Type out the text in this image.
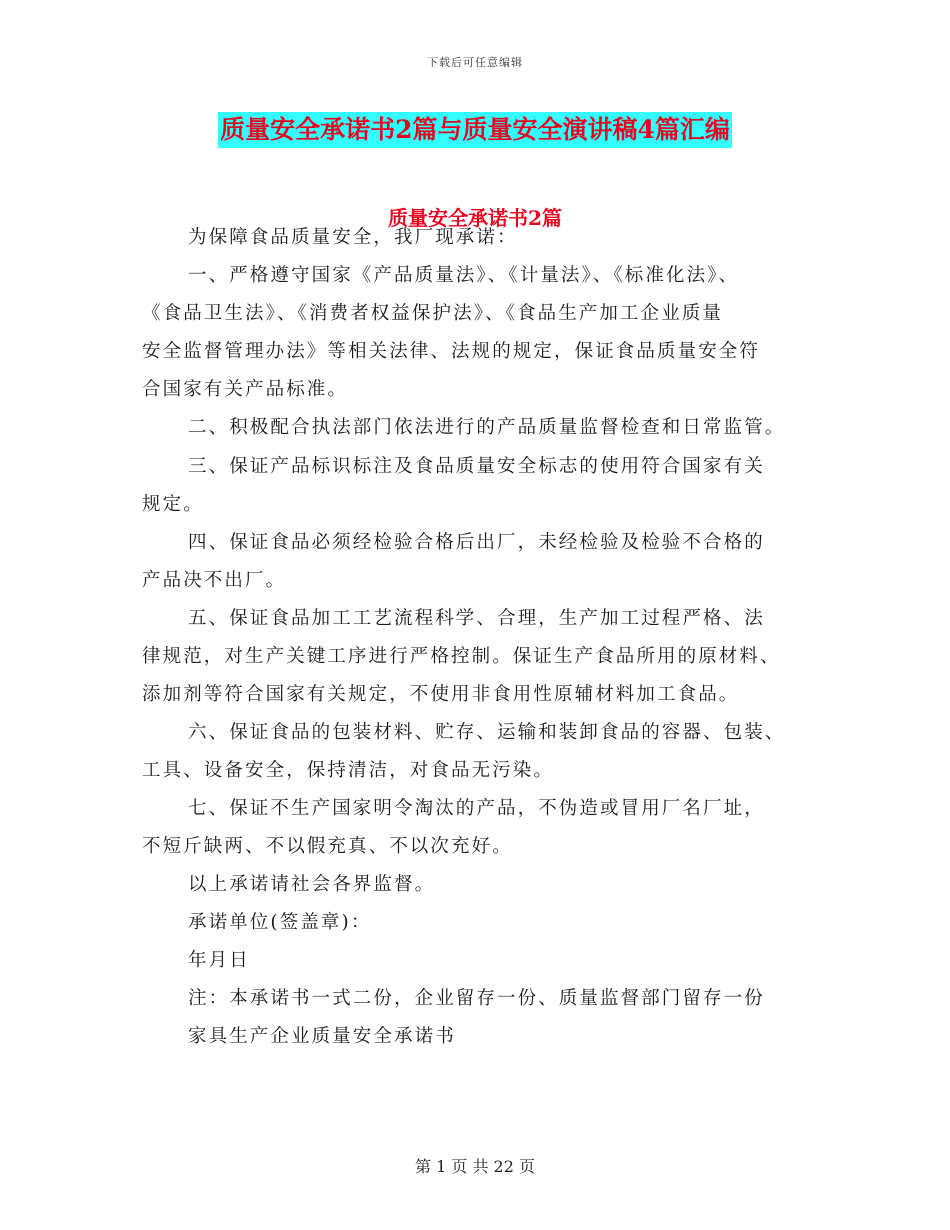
下载后可任意编辑
质量安全承诺书2篇与质量安全演讲稿4篇汇编
质量安全承诺书2篇
为保障食品质量安全，我厂现承诺：
一、严格遵守国家《产品质量法》、《计量法》、《标准化法》、
《食品卫生法》、《消费者权益保护法》、《食品生产加工企业质量
安全监督管理办法》等相关法律、法规的规定，保证食品质量安全符
合国家有关产品标准。
二、积极配合执法部门依法进行的产品质量监督检查和日常监管。
三、保证产品标识标注及食品质量安全标志的使用符合国家有关
规定。
四、保证食品必须经检验合格后出厂，未经检验及检验不合格的
产品决不出厂。
五、保证食品加工工艺流程科学、合理，生产加工过程严格、法
律规范，对生产关键工序进行严格控制。保证生产食品所用的原材料、
添加剂等符合国家有关规定，不使用非食用性原辅材料加工食品。
六、保证食品的包装材料、贮存、运输和装卸食品的容器、包装、
工具、设备安全，保持清洁，对食品无污染。
七、保证不生产国家明令淘汰的产品，不伪造或冒用厂名厂址，
不短斤缺两、不以假充真、不以次充好。
以上承诺请社会各界监督。
承诺单位(签盖章)：
年月日
注：本承诺书一式二份，企业留存一份、质量监督部门留存一份
家具生产企业质量安全承诺书
第 1 页 共 22 页
